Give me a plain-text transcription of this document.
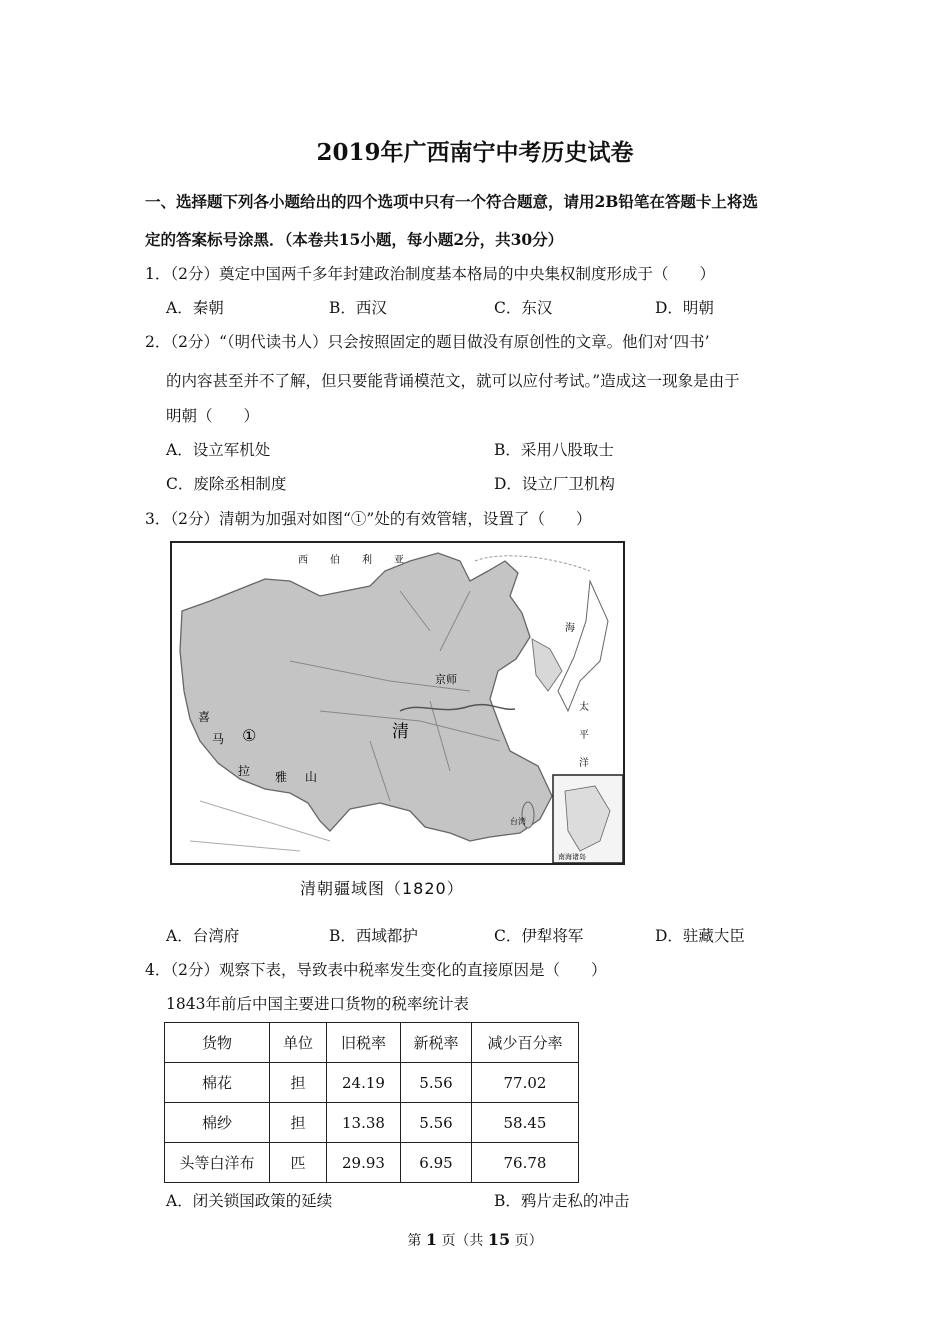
2019年广西南宁中考历史试卷
一、选择题下列各小题给出的四个选项中只有一个符合题意，请用2B铅笔在答题卡上将选
定的答案标号涂黑．（本卷共15小题，每小题2分，共30分）
1．（2分）奠定中国两千多年封建政治制度基本格局的中央集权制度形成于（　　）
A．秦朝	B．西汉	C．东汉	D．明朝
2．（2分）“（明代读书人）只会按照固定的题目做没有原创性的文章。他们对‘四书’
的内容甚至并不了解，但只要能背诵模范文，就可以应付考试。”造成这一现象是由于
明朝（　　）
A．设立军机处	B．采用八股取士
C．废除丞相制度	D．设立厂卫机构
3．（2分）清朝为加强对如图“①”处的有效管辖，设置了（　　）
西　伯　利　亚
京师
清
①
喜
马
拉 雅 山
台湾
太　平　洋
海
南海诸岛
清朝疆域图（1820）
A．台湾府	B．西域都护	C．伊犁将军	D．驻藏大臣
4．（2分）观察下表，导致表中税率发生变化的直接原因是（　　）
1843年前后中国主要进口货物的税率统计表
货物	单位	旧税率	新税率	减少百分率
棉花	担	24.19	5.56	77.02
棉纱	担	13.38	5.56	58.45
头等白洋布	匹	29.93	6.95	76.78
A．闭关锁国政策的延续	B．鸦片走私的冲击
第 1 页（共 15 页）
